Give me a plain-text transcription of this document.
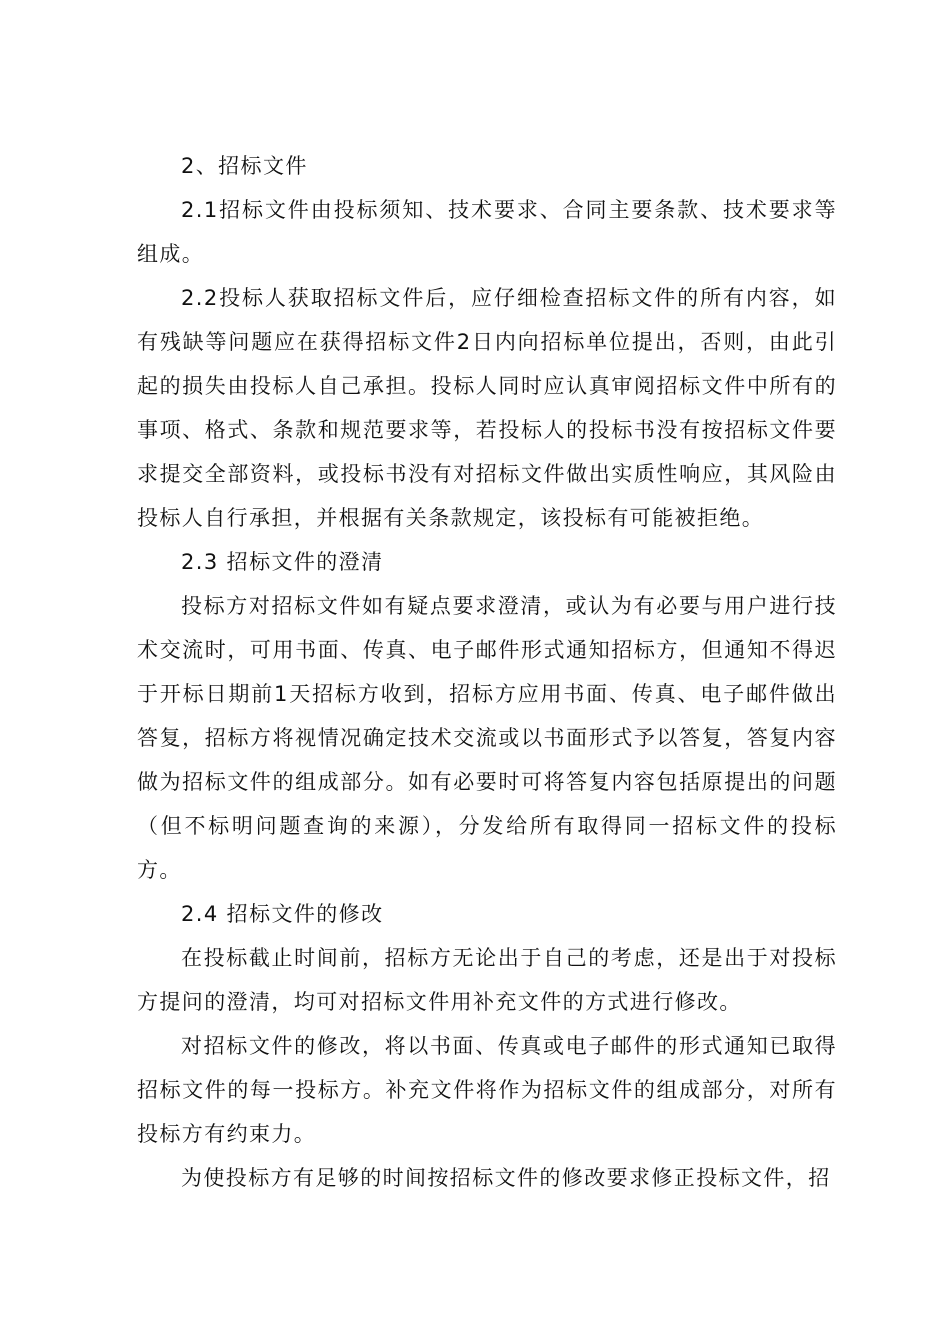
2、招标文件

2.1招标文件由投标须知、技术要求、合同主要条款、技术要求等组成。

2.2投标人获取招标文件后，应仔细检查招标文件的所有内容，如有残缺等问题应在获得招标文件2日内向招标单位提出，否则，由此引起的损失由投标人自己承担。投标人同时应认真审阅招标文件中所有的事项、格式、条款和规范要求等，若投标人的投标书没有按招标文件要求提交全部资料，或投标书没有对招标文件做出实质性响应，其风险由投标人自行承担，并根据有关条款规定，该投标有可能被拒绝。

2.3 招标文件的澄清

投标方对招标文件如有疑点要求澄清，或认为有必要与用户进行技术交流时，可用书面、传真、电子邮件形式通知招标方，但通知不得迟于开标日期前1天招标方收到，招标方应用书面、传真、电子邮件做出答复，招标方将视情况确定技术交流或以书面形式予以答复，答复内容做为招标文件的组成部分。如有必要时可将答复内容包括原提出的问题（但不标明问题查询的来源），分发给所有取得同一招标文件的投标方。

2.4 招标文件的修改

在投标截止时间前，招标方无论出于自己的考虑，还是出于对投标方提问的澄清，均可对招标文件用补充文件的方式进行修改。

对招标文件的修改，将以书面、传真或电子邮件的形式通知已取得招标文件的每一投标方。补充文件将作为招标文件的组成部分，对所有投标方有约束力。

为使投标方有足够的时间按招标文件的修改要求修正投标文件，招
